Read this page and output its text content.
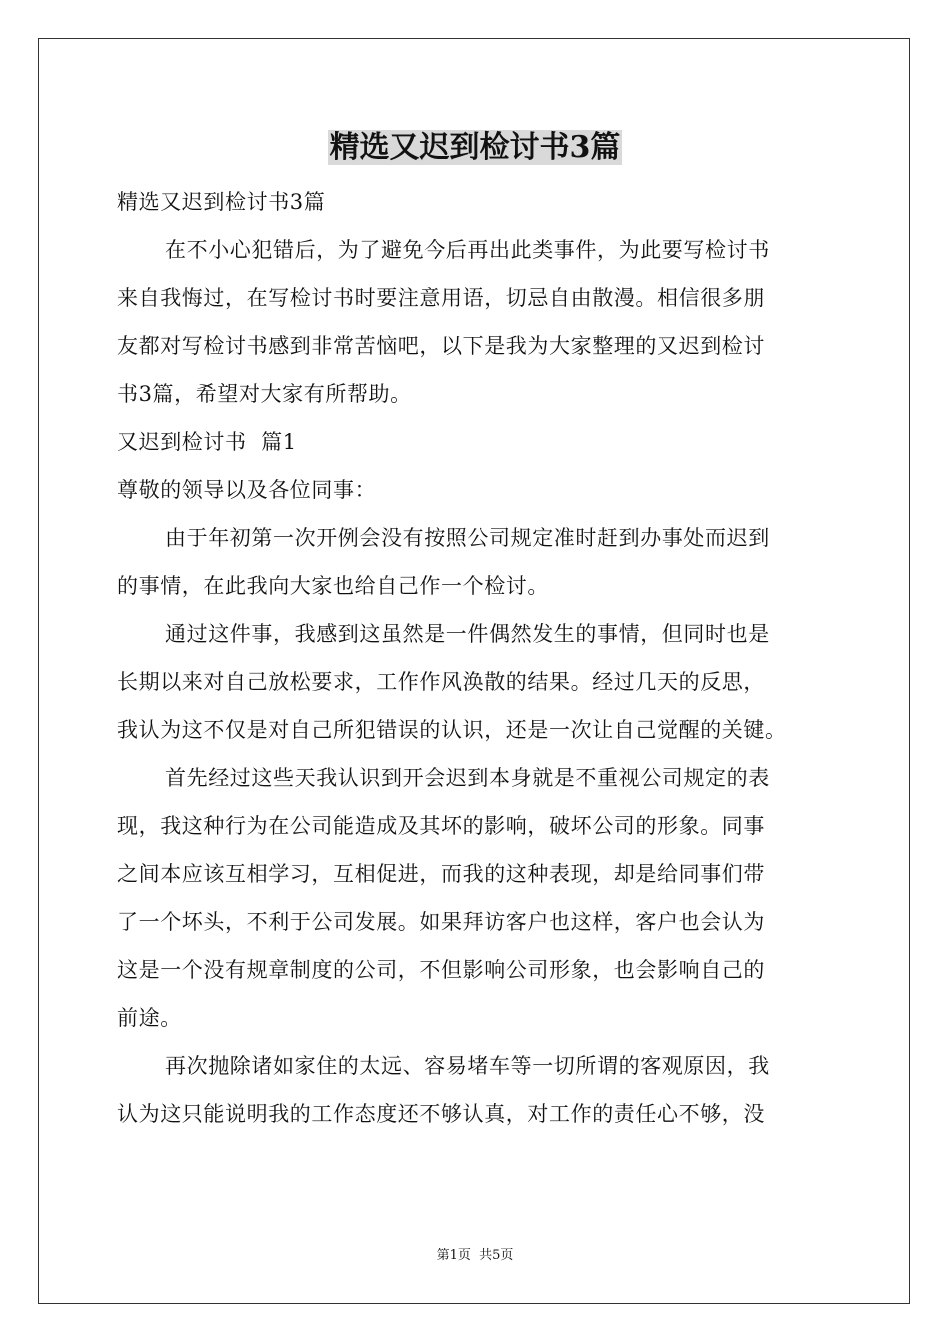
精选又迟到检讨书3篇
精选又迟到检讨书3篇
在不小心犯错后，为了避免今后再出此类事件，为此要写检讨书
来自我悔过，在写检讨书时要注意用语，切忌自由散漫。相信很多朋
友都对写检讨书感到非常苦恼吧，以下是我为大家整理的又迟到检讨
书3篇，希望对大家有所帮助。
又迟到检讨书  篇1
尊敬的领导以及各位同事：
由于年初第一次开例会没有按照公司规定准时赶到办事处而迟到
的事情，在此我向大家也给自己作一个检讨。
通过这件事，我感到这虽然是一件偶然发生的事情，但同时也是
长期以来对自己放松要求，工作作风涣散的结果。经过几天的反思，
我认为这不仅是对自己所犯错误的认识，还是一次让自己觉醒的关键。
首先经过这些天我认识到开会迟到本身就是不重视公司规定的表
现，我这种行为在公司能造成及其坏的影响，破坏公司的形象。同事
之间本应该互相学习，互相促进，而我的这种表现，却是给同事们带
了一个坏头，不利于公司发展。如果拜访客户也这样，客户也会认为
这是一个没有规章制度的公司，不但影响公司形象，也会影响自己的
前途。
再次抛除诸如家住的太远、容易堵车等一切所谓的客观原因，我
认为这只能说明我的工作态度还不够认真，对工作的责任心不够，没
第1页  共5页
